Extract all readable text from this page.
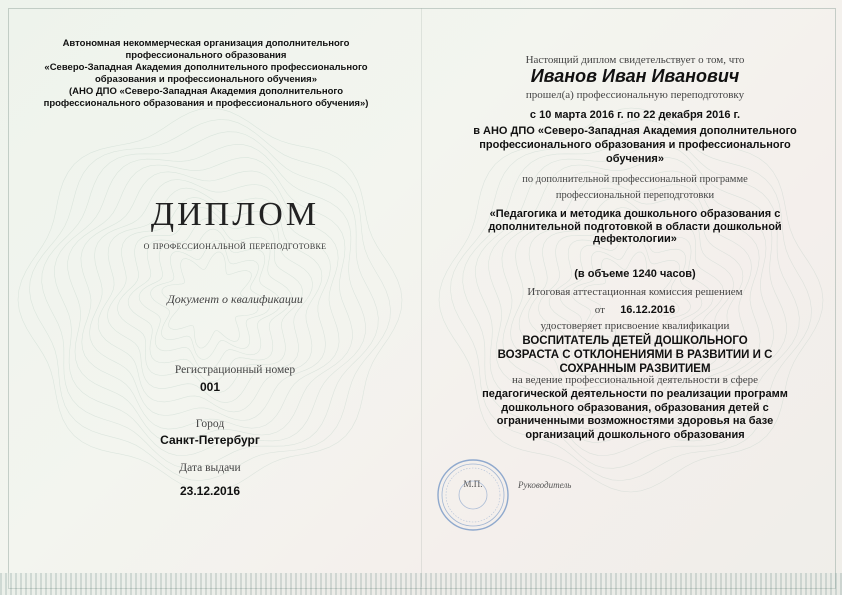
Автономная некоммерческая организация дополнительного
профессионального образования
«Северо-Западная Академия дополнительного профессионального
образования и профессионального обучения»
(АНО ДПО «Северо-Западная Академия дополнительного
профессионального образования и профессионального обучения»)
ДИПЛОМ
о профессиональной переподготовке
Документ о квалификации
Регистрационный номер
001
Город
Санкт-Петербург
Дата выдачи
23.12.2016
Настоящий диплом свидетельствует о том, что
Иванов Иван Иванович
прошел(а) профессиональную переподготовку
с 10 марта 2016 г. по 22 декабря 2016 г.
в АНО ДПО «Северо-Западная Академия дополнительного
профессионального образования и профессионального
обучения»
по дополнительной профессиональной программе
профессиональной переподготовки
«Педагогика и методика дошкольного образования с
дополнительной подготовкой в области дошкольной
дефектологии»
(в объеме 1240 часов)
Итоговая аттестационная комиссия решением
от 16.12.2016
удостоверяет присвоение квалификации
ВОСПИТАТЕЛЬ ДЕТЕЙ ДОШКОЛЬНОГО
ВОЗРАСТА С ОТКЛОНЕНИЯМИ В РАЗВИТИИ И С
СОХРАННЫМ РАЗВИТИЕМ
на ведение профессиональной деятельности в сфере
педагогической деятельности по реализации программ
дошкольного образования, образования детей с
ограниченными возможностями здоровья на базе
организаций дошкольного образования
М.П.	Руководитель
